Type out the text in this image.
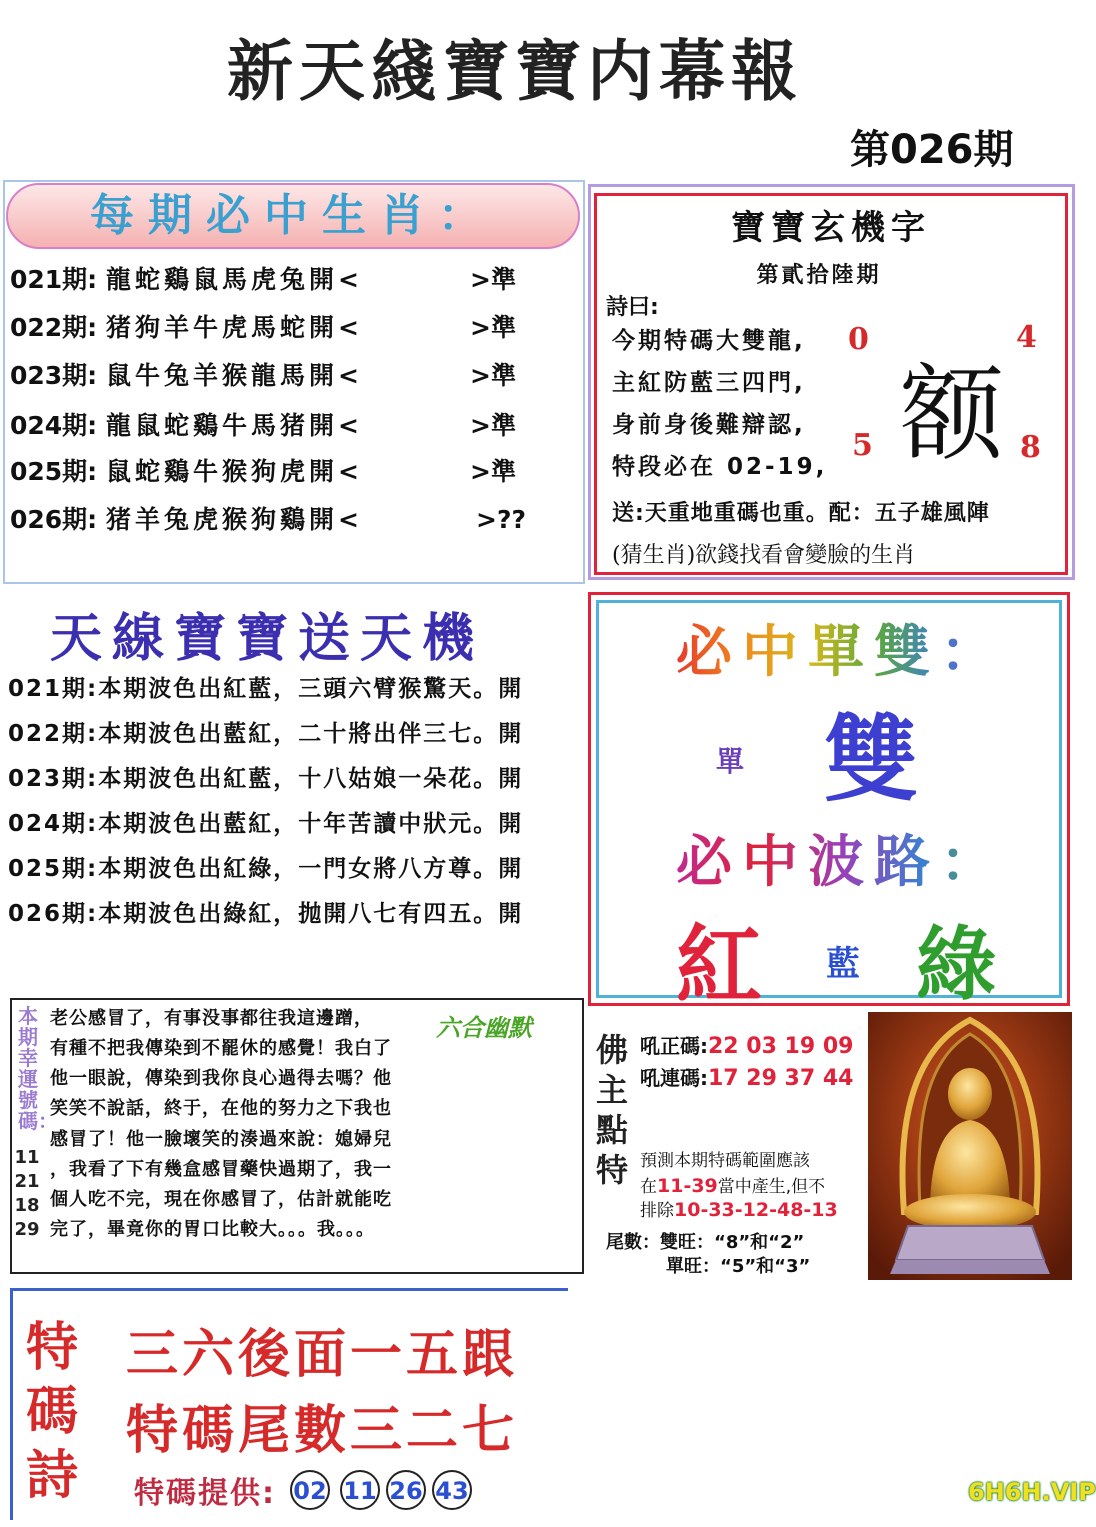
新天綫寶寶内幕報
第026期
每期必中生肖：
021期: 龍蛇鷄鼠馬虎兔開<	>準
022期: 猪狗羊牛虎馬蛇開<	>準
023期: 鼠牛兔羊猴龍馬開<	>準
024期: 龍鼠蛇鷄牛馬猪開<	>準
025期: 鼠蛇鷄牛猴狗虎開<	>準
026期: 猪羊兔虎猴狗鷄開<	>??
寶寶玄機字
第貳拾陸期
詩曰:
今期特碼大雙龍,
主紅防藍三四門,
身前身後難辯認,
特段必在 02-19, 额
0	4
5	8
送:天重地重碼也重。配：五子雄風陣
(猜生肖)欲錢找看會變臉的生肖
天線寶寶送天機
021期:本期波色出紅藍，三頭六臂猴驚天。開
022期:本期波色出藍紅，二十將出伴三七。開
023期:本期波色出紅藍，十八姑娘一朵花。開
024期:本期波色出藍紅，十年苦讀中狀元。開
025期:本期波色出紅綠，一門女將八方尊。開
026期:本期波色出綠紅，抛開八七有四五。開
必中單雙：
單 雙
必中波路：
紅 藍 綠
本期幸運號碼：
11 21 18 29
六合幽默
老公感冒了，有事没事都往我這邊蹭，
有種不把我傳染到不罷休的感覺！我白了
他一眼說，傳染到我你良心過得去嗎？他
笑笑不說話，終于，在他的努力之下我也
感冒了！他一臉壞笑的湊過來說：媳婦兒
，我看了下有幾盒感冒藥快過期了，我一
個人吃不完，現在你感冒了，估計就能吃
完了，畢竟你的胃口比較大。。。我。。。
佛主點特
吼正碼:22 03 19 09
吼連碼:17 29 37 44
預測本期特碼範圍應該
在11-39當中產生,但不
排除10-33-12-48-13
尾數：雙旺：“8”和“2”
單旺：“5”和“3”
特碼詩
三六後面一五跟
特碼尾數三二七
特碼提供: 02 11 26 43	6H6H.VIP
